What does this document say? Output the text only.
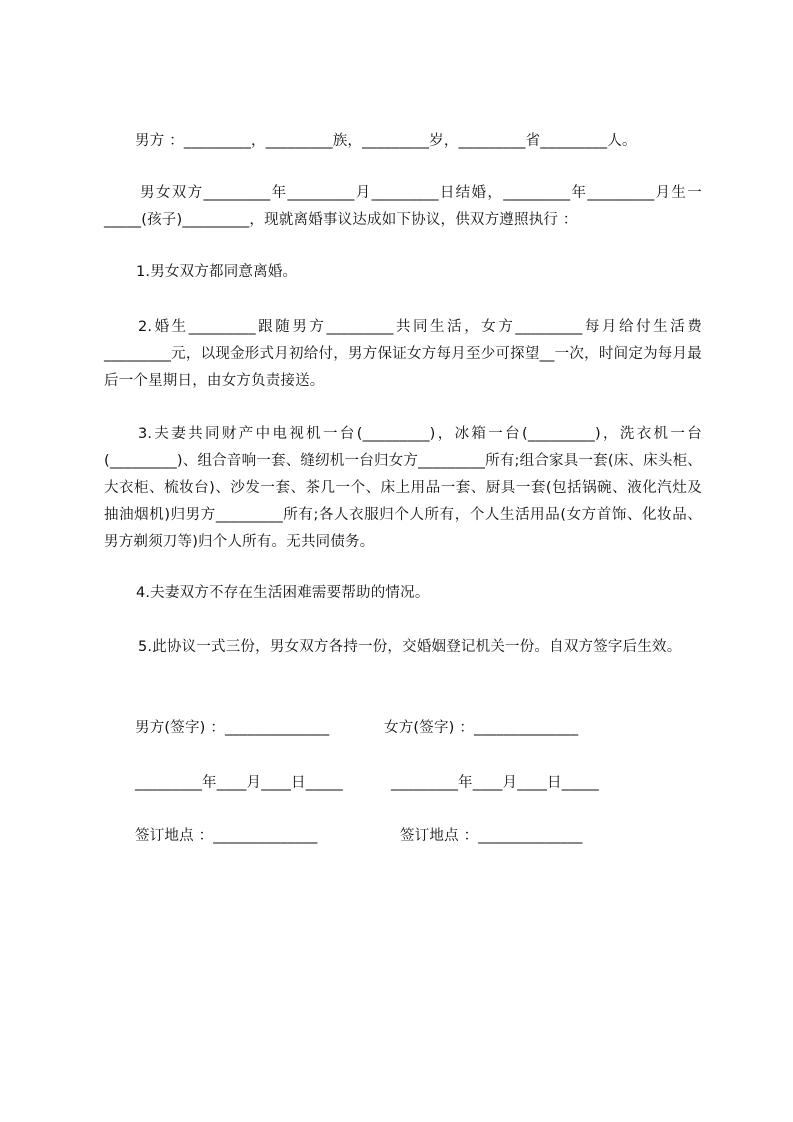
男方 ：_________，_________族，_________岁，_________省_________人。
男女双方_________年_________月_________日结婚，_________年_________月生一_____(孩子)_________，现就离婚事议达成如下协议，供双方遵照执行 ：
1.男女双方都同意离婚。
2.婚生_________跟随男方_________共同生活，女方_________每月给付生活费_________元，以现金形式月初给付，男方保证女方每月至少可探望__一次，时间定为每月最后一个星期日，由女方负责接送。
3.夫妻共同财产中电视机一台(_________)，冰箱一台(_________)，洗衣机一台(_________)、组合音响一套、缝纫机一台归女方_________所有;组合家具一套(床、床头柜、大衣柜、梳妆台)、沙发一套、茶几一个、床上用品一套、厨具一套(包括锅碗、液化汽灶及抽油烟机)归男方_________所有;各人衣服归个人所有，个人生活用品(女方首饰、化妆品、男方剃须刀等)归个人所有。无共同债务。
4.夫妻双方不存在生活困难需要帮助的情况。
5.此协议一式三份，男女双方各持一份，交婚姻登记机关一份。自双方签字后生效。
男方(签字) ：______________	女方(签字) ：______________
_________年____月____日_____	_________年____月____日_____
签订地点 ：______________	签订地点 ：______________
